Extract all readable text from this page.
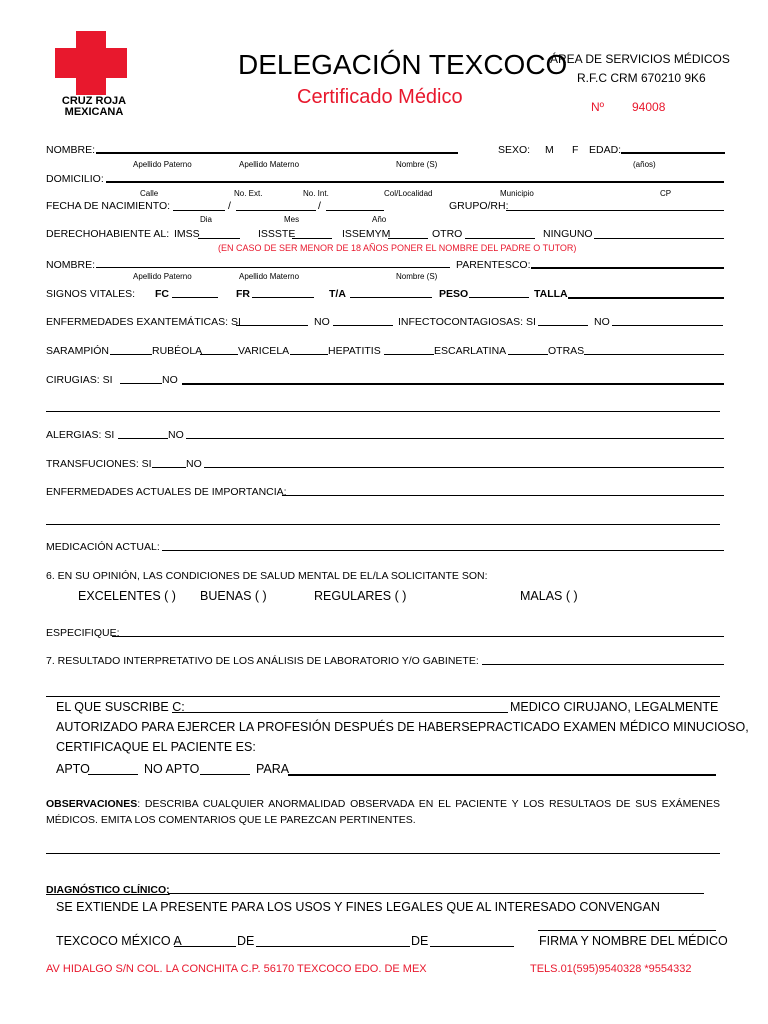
CRUZ ROJA
MEXICANA
DELEGACIÓN TEXCOCO
Certificado Médico
ÁREA DE SERVICIOS MÉDICOS
R.F.C CRM 670210 9K6
Nº 94008
NOMBRE:	SEXO: M F EDAD:
Apellido Paterno	Apellido Materno	Nombre (S)	(años)
DOMICILIO:
Calle	No. Ext.	No. Int.	Col/Localidad	Municipio	CP
FECHA DE NACIMIENTO:	/	/	GRUPO/RH:
Dia	Mes	Año
DERECHOHABIENTE AL: IMSS	ISSSTE	ISSEMYM	OTRO	NINGUNO
(EN CASO DE SER MENOR DE 18 AÑOS PONER EL NOMBRE DEL PADRE O TUTOR)
NOMBRE:	PARENTESCO:
Apellido Paterno	Apellido Materno	Nombre (S)
SIGNOS VITALES: FC	FR	T/A	PESO	TALLA
ENFERMEDADES EXANTEMÁTICAS: SI	NO	INFECTOCONTAGIOSAS: SI	NO
SARAMPIÓN	RUBÉOLA	VARICELA	HEPATITIS	ESCARLATINA	OTRAS
CIRUGIAS: SI	NO
ALERGIAS: SI	NO
TRANSFUCIONES: SI	NO
ENFERMEDADES ACTUALES DE IMPORTANCIA:
MEDICACIÓN ACTUAL:
6. EN SU OPINIÓN, LAS CONDICIONES DE SALUD MENTAL DE EL/LA SOLICITANTE SON:
EXCELENTES ( ) BUENAS ( )	REGULARES ( )	MALAS ( )
ESPECIFIQUE:
7. RESULTADO INTERPRETATIVO DE LOS ANÁLISIS DE LABORATORIO Y/O GABINETE:
EL QUE SUSCRIBE C:	MEDICO CIRUJANO, LEGALMENTE
AUTORIZADO PARA EJERCER LA PROFESIÓN DESPUÉS DE HABERSEPRACTICADO EXAMEN MÉDICO MINUCIOSO,
CERTIFICAQUE EL PACIENTE ES:
APTO	NO APTO	PARA
OBSERVACIONES: DESCRIBA CUALQUIER ANORMALIDAD OBSERVADA EN EL PACIENTE Y LOS RESULTAOS DE SUS EXÁMENES MÉDICOS. EMITA LOS COMENTARIOS QUE LE PAREZCAN PERTINENTES.
DIAGNÓSTICO CLÍNICO:
SE EXTIENDE LA PRESENTE PARA LOS USOS Y FINES LEGALES QUE AL INTERESADO CONVENGAN
TEXCOCO MÉXICO A	DE	DE	FIRMA Y NOMBRE DEL MÉDICO
AV HIDALGO S/N COL. LA CONCHITA C.P. 56170 TEXCOCO EDO. DE MEX	TELS.01(595)9540328 *9554332
